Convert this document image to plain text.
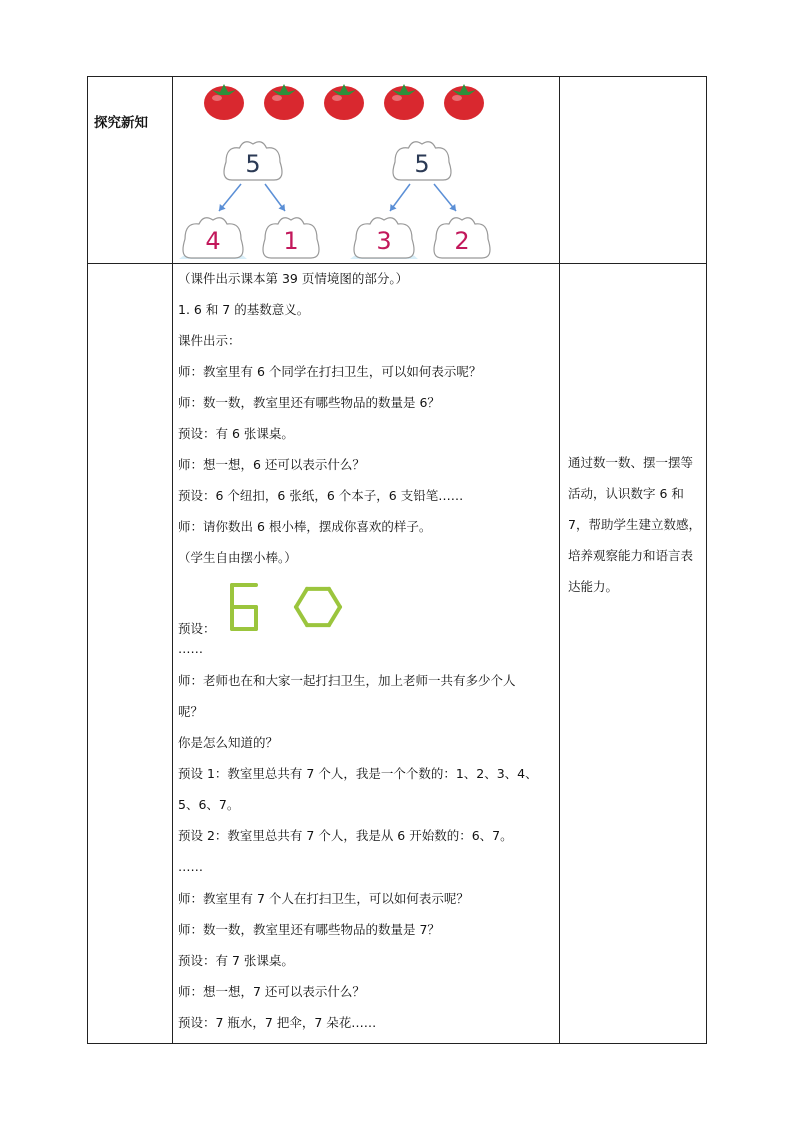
5
4	1
5
3	2
探究新知
（课件出示课本第 39 页情境图的部分。）
1. 6 和 7 的基数意义。
课件出示：
师：教室里有 6 个同学在打扫卫生，可以如何表示呢？
师：数一数，教室里还有哪些物品的数量是 6？
预设：有 6 张课桌。
师：想一想，6 还可以表示什么？
预设：6 个纽扣，6 张纸，6 个本子，6 支铅笔……
师：请你数出 6 根小棒，摆成你喜欢的样子。
（学生自由摆小棒。）
预设：
……
师：老师也在和大家一起打扫卫生，加上老师一共有多少个人
呢？
你是怎么知道的？
预设 1：教室里总共有 7 个人，我是一个个数的：1、2、3、4、
5、6、7。
预设 2：教室里总共有 7 个人，我是从 6 开始数的：6、7。
……
师：教室里有 7 个人在打扫卫生，可以如何表示呢？
师：数一数，教室里还有哪些物品的数量是 7？
预设：有 7 张课桌。
师：想一想，7 还可以表示什么？
预设：7 瓶水，7 把伞，7 朵花……
通过数一数、摆一摆等活动，认识数字 6 和 7，帮助学生建立数感，培养观察能力和语言表达能力。
